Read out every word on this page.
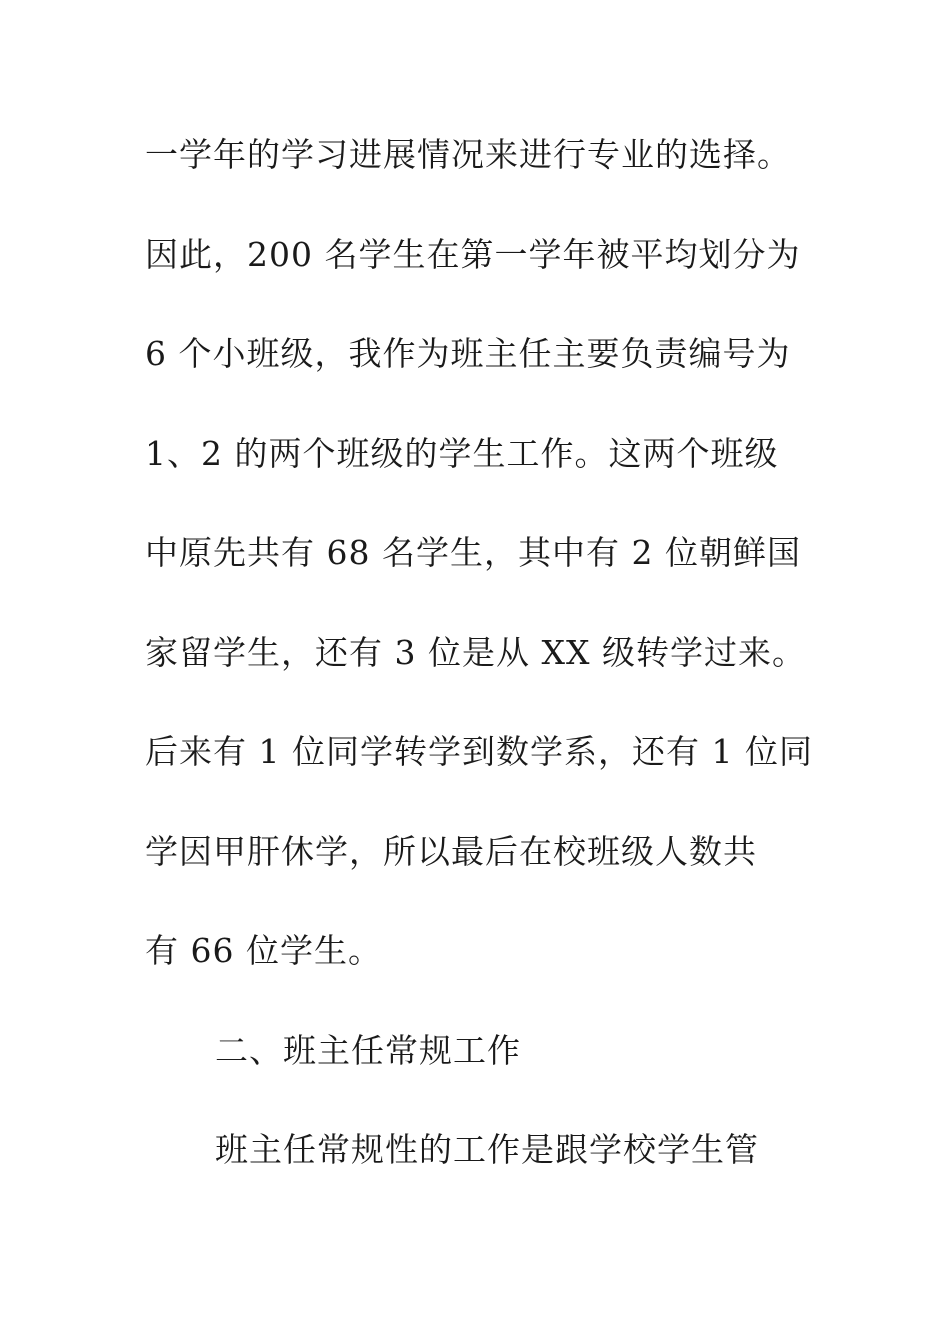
一学年的学习进展情况来进行专业的选择。
因此，200 名学生在第一学年被平均划分为
6 个小班级，我作为班主任主要负责编号为
1、2 的两个班级的学生工作。这两个班级
中原先共有 68 名学生，其中有 2 位朝鲜国
家留学生，还有 3 位是从 XX 级转学过来。
后来有 1 位同学转学到数学系，还有 1 位同
学因甲肝休学，所以最后在校班级人数共
有 66 位学生。
二、班主任常规工作
班主任常规性的工作是跟学校学生管
